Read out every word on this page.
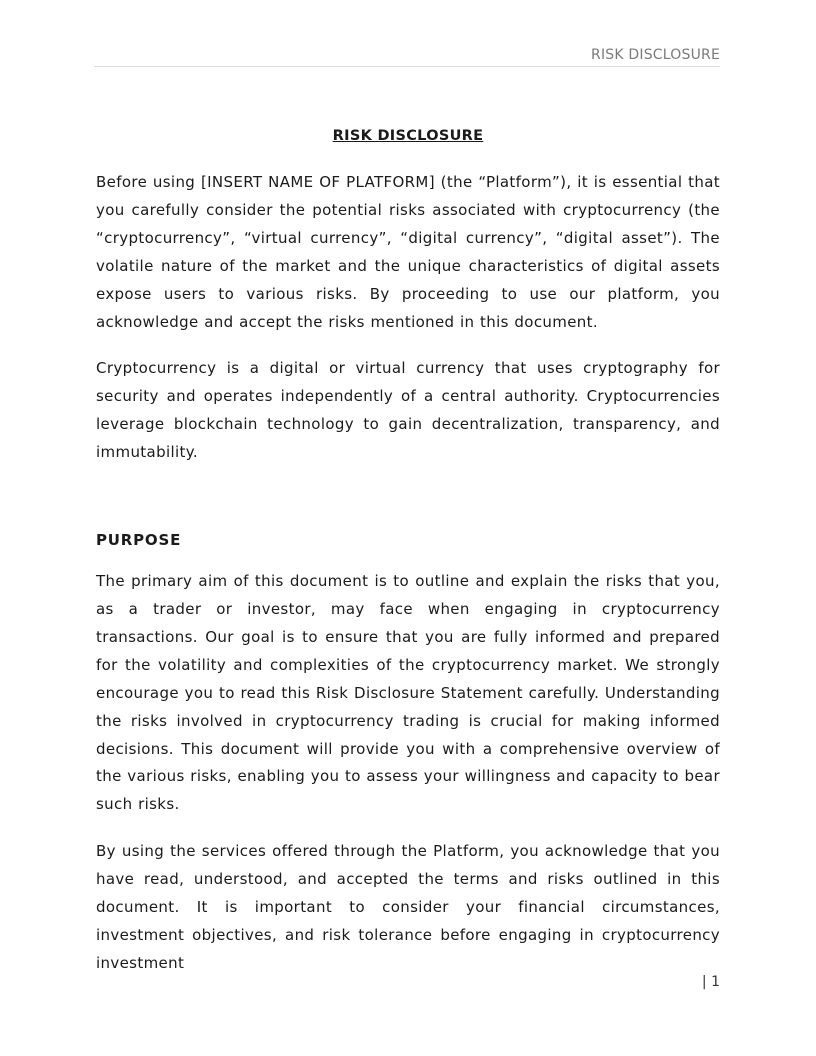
RISK DISCLOSURE
RISK DISCLOSURE

Before using [INSERT NAME OF PLATFORM] (the “Platform”), it is essential that you carefully consider the potential risks associated with cryptocurrency (the “cryptocurrency”, “virtual currency”, “digital currency”, “digital asset”). The volatile nature of the market and the unique characteristics of digital assets expose users to various risks. By proceeding to use our platform, you acknowledge and accept the risks mentioned in this document.

Cryptocurrency is a digital or virtual currency that uses cryptography for security and operates independently of a central authority. Cryptocurrencies leverage blockchain technology to gain decentralization, transparency, and immutability.

PURPOSE

The primary aim of this document is to outline and explain the risks that you, as a trader or investor, may face when engaging in cryptocurrency transactions. Our goal is to ensure that you are fully informed and prepared for the volatility and complexities of the cryptocurrency market. We strongly encourage you to read this Risk Disclosure Statement carefully. Understanding the risks involved in cryptocurrency trading is crucial for making informed decisions. This document will provide you with a comprehensive overview of the various risks, enabling you to assess your willingness and capacity to bear such risks.

By using the services offered through the Platform, you acknowledge that you have read, understood, and accepted the terms and risks outlined in this document. It is important to consider your financial circumstances, investment objectives, and risk tolerance before engaging in cryptocurrency investment

| 1
